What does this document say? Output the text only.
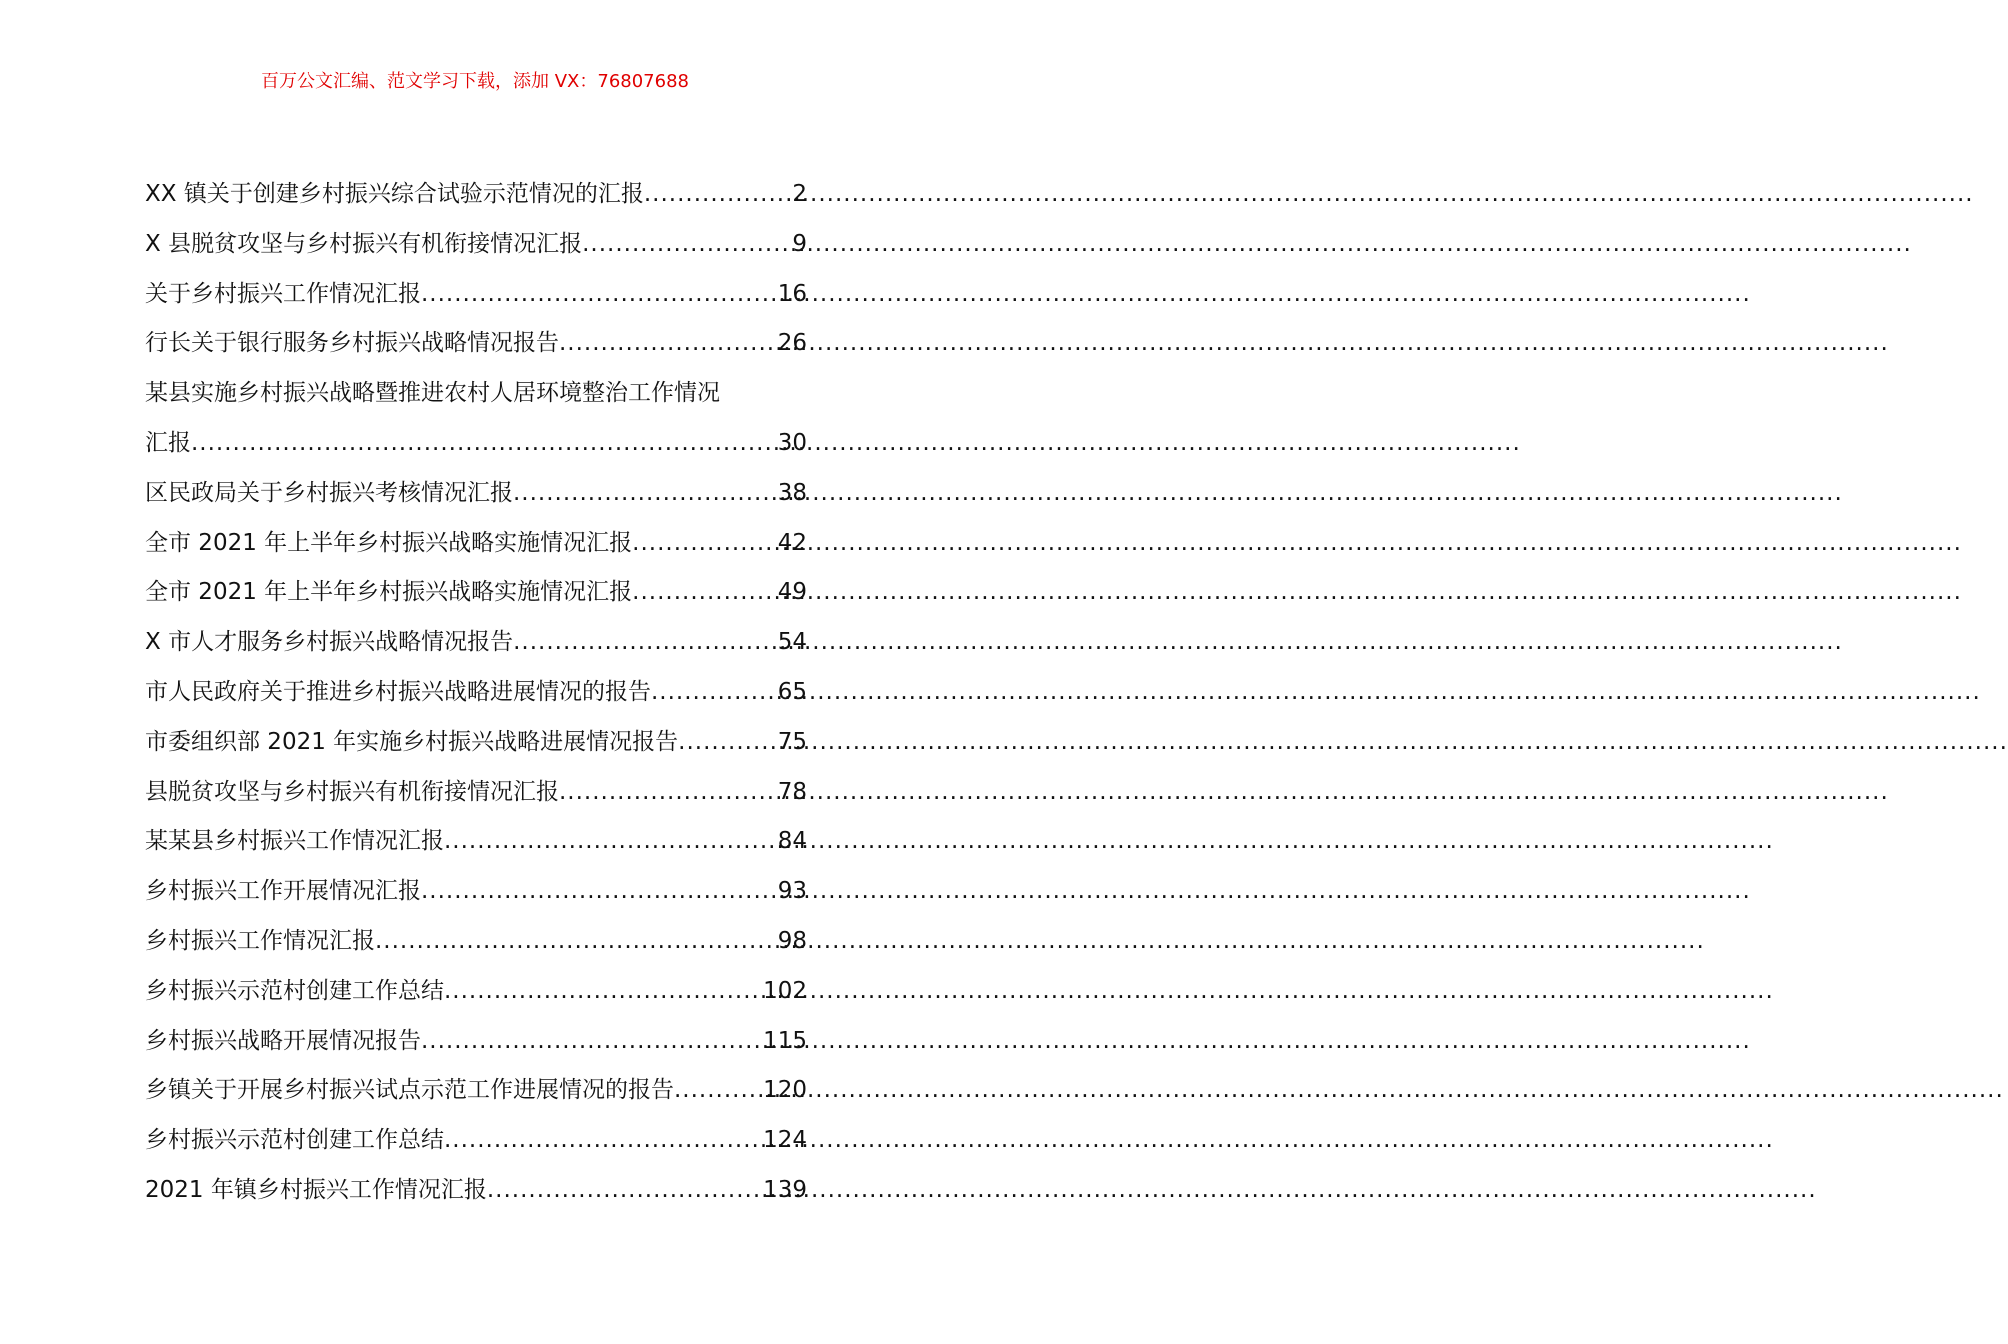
百万公文汇编、范文学习下载，添加 VX：76807688
XX 镇关于创建乡村振兴综合试验示范情况的汇报 .....	2
X 县脱贫攻坚与乡村振兴有机衔接情况汇报 .....	9
关于乡村振兴工作情况汇报 .....	16
行长关于银行服务乡村振兴战略情况报告 .....	26
某县实施乡村振兴战略暨推进农村人居环境整治工作情况
汇报 .....	30
区民政局关于乡村振兴考核情况汇报 .....	38
全市 2021 年上半年乡村振兴战略实施情况汇报 .....	42
全市 2021 年上半年乡村振兴战略实施情况汇报 .....	49
X 市人才服务乡村振兴战略情况报告 .....	54
市人民政府关于推进乡村振兴战略进展情况的报告 .....	65
市委组织部 2021 年实施乡村振兴战略进展情况报告 .....	75
县脱贫攻坚与乡村振兴有机衔接情况汇报 .....	78
某某县乡村振兴工作情况汇报 .....	84
乡村振兴工作开展情况汇报 .....	93
乡村振兴工作情况汇报 .....	98
乡村振兴示范村创建工作总结 .....	102
乡村振兴战略开展情况报告 .....	115
乡镇关于开展乡村振兴试点示范工作进展情况的报告 .....	120
乡村振兴示范村创建工作总结 .....	124
2021 年镇乡村振兴工作情况汇报 .....	139
